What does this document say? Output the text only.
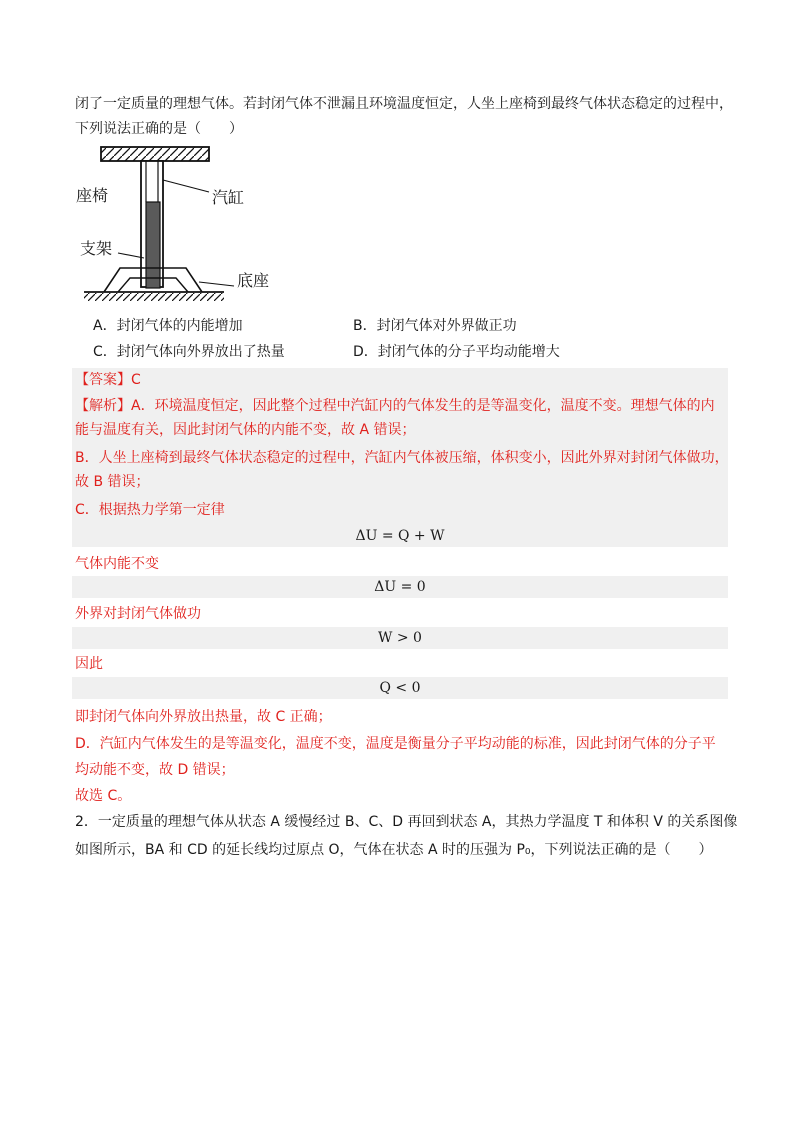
闭了一定质量的理想气体。若封闭气体不泄漏且环境温度恒定，人坐上座椅到最终气体状态稳定的过程中，
下列说法正确的是（　　）
座椅	汽缸
支架
底座
A．封闭气体的内能增加	B．封闭气体对外界做正功
C．封闭气体向外界放出了热量	D．封闭气体的分子平均动能增大
【答案】C
【解析】A．环境温度恒定，因此整个过程中汽缸内的气体发生的是等温变化，温度不变。理想气体的内
能与温度有关，因此封闭气体的内能不变，故 A 错误；
B．人坐上座椅到最终气体状态稳定的过程中，汽缸内气体被压缩，体积变小，因此外界对封闭气体做功，
故 B 错误；
C．根据热力学第一定律
ΔU = Q + W
气体内能不变
ΔU = 0
外界对封闭气体做功
W > 0
因此
Q < 0
即封闭气体向外界放出热量，故 C 正确；
D．汽缸内气体发生的是等温变化，温度不变，温度是衡量分子平均动能的标准，因此封闭气体的分子平
均动能不变，故 D 错误；
故选 C。
2．一定质量的理想气体从状态 A 缓慢经过 B、C、D 再回到状态 A，其热力学温度 T 和体积 V 的关系图像
如图所示，BA 和 CD 的延长线均过原点 O，气体在状态 A 时的压强为 P₀，下列说法正确的是（　　）
